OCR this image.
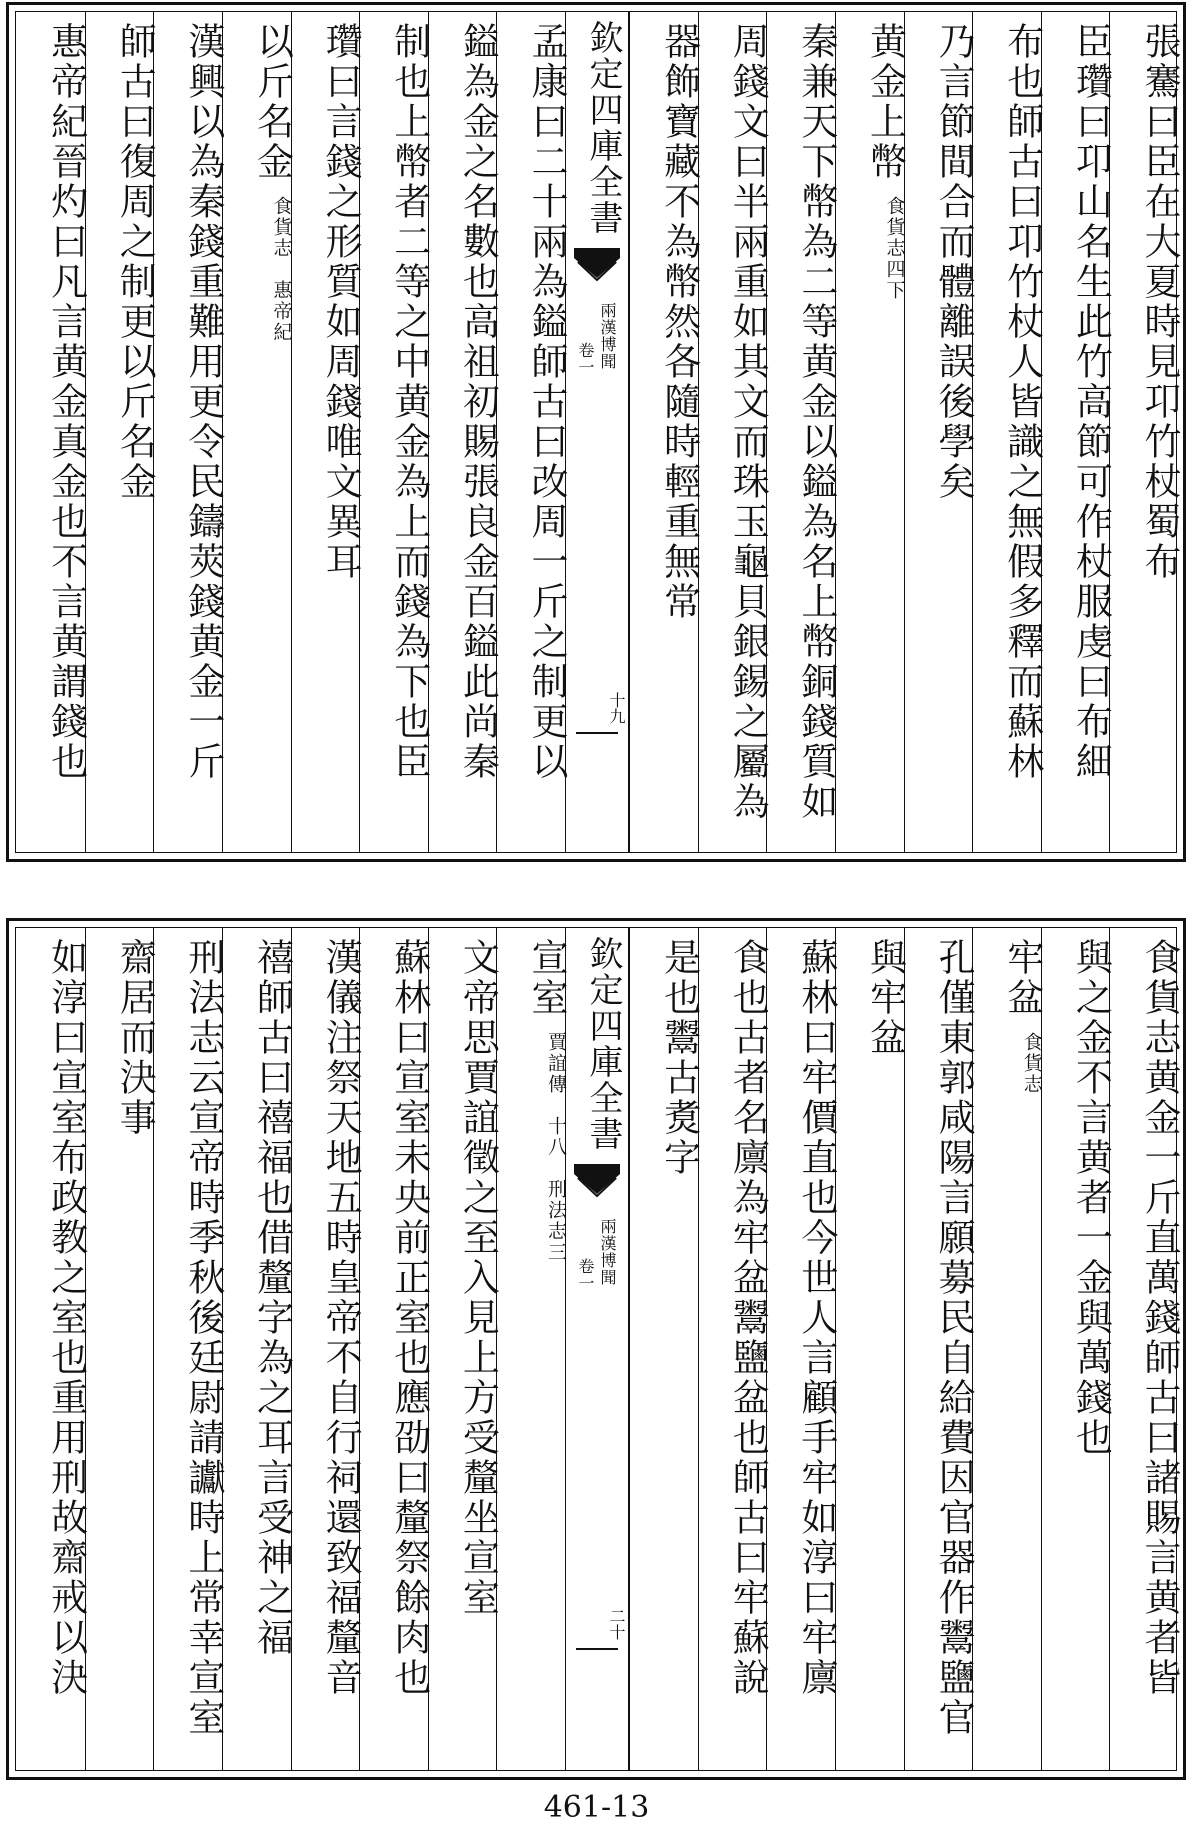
張騫曰臣在大夏時見卭竹杖蜀布
臣瓚曰卭山名生此竹高節可作杖服虔曰布細
布也師古曰卭竹杖人皆識之無假多釋而蘇林
乃言節間合而體離誤後學矣
黄金上幣
食貨志四下
秦兼天下幣為二等黄金以鎰為名上幣銅錢質如
周錢文曰半兩重如其文而珠玉龜貝銀錫之屬為
器飾寶藏不為幣然各隨時輕重無常
欽定四庫全書
兩漢博聞
卷一
十九
孟康曰二十兩為鎰師古曰改周一斤之制更以
鎰為金之名數也高祖初賜張良金百鎰此尚秦
制也上幣者二等之中黄金為上而錢為下也臣
瓚曰言錢之形質如周錢唯文異耳
以斤名金
食貨志　惠帝紀
漢興以為秦錢重難用更令民鑄莢錢黄金一斤
師古曰復周之制更以斤名金
惠帝紀晉灼曰凡言黄金真金也不言黄謂錢也
食貨志黄金一斤直萬錢師古曰諸賜言黄者皆
與之金不言黄者一金與萬錢也
牢盆
食貨志
孔僅東郭咸陽言願募民自給費因官器作鬻鹽官
與牢盆
蘇林曰牢價直也今世人言顧手牢如淳曰牢廪
食也古者名廪為牢盆鬻鹽盆也師古曰牢蘇說
是也鬻古煑字
欽定四庫全書
兩漢博聞
卷一
二十
宣室
賈誼傳　十八　刑法志三
文帝思賈誼徵之至入見上方受釐坐宣室
蘇林曰宣室未央前正室也應劭曰釐祭餘肉也
漢儀注祭天地五時皇帝不自行祠還致福釐音
禧師古曰禧福也借釐字為之耳言受神之福
刑法志云宣帝時季秋後廷尉請讞時上常幸宣室
齋居而決事
如淳曰宣室布政教之室也重用刑故齋戒以決
461-13
